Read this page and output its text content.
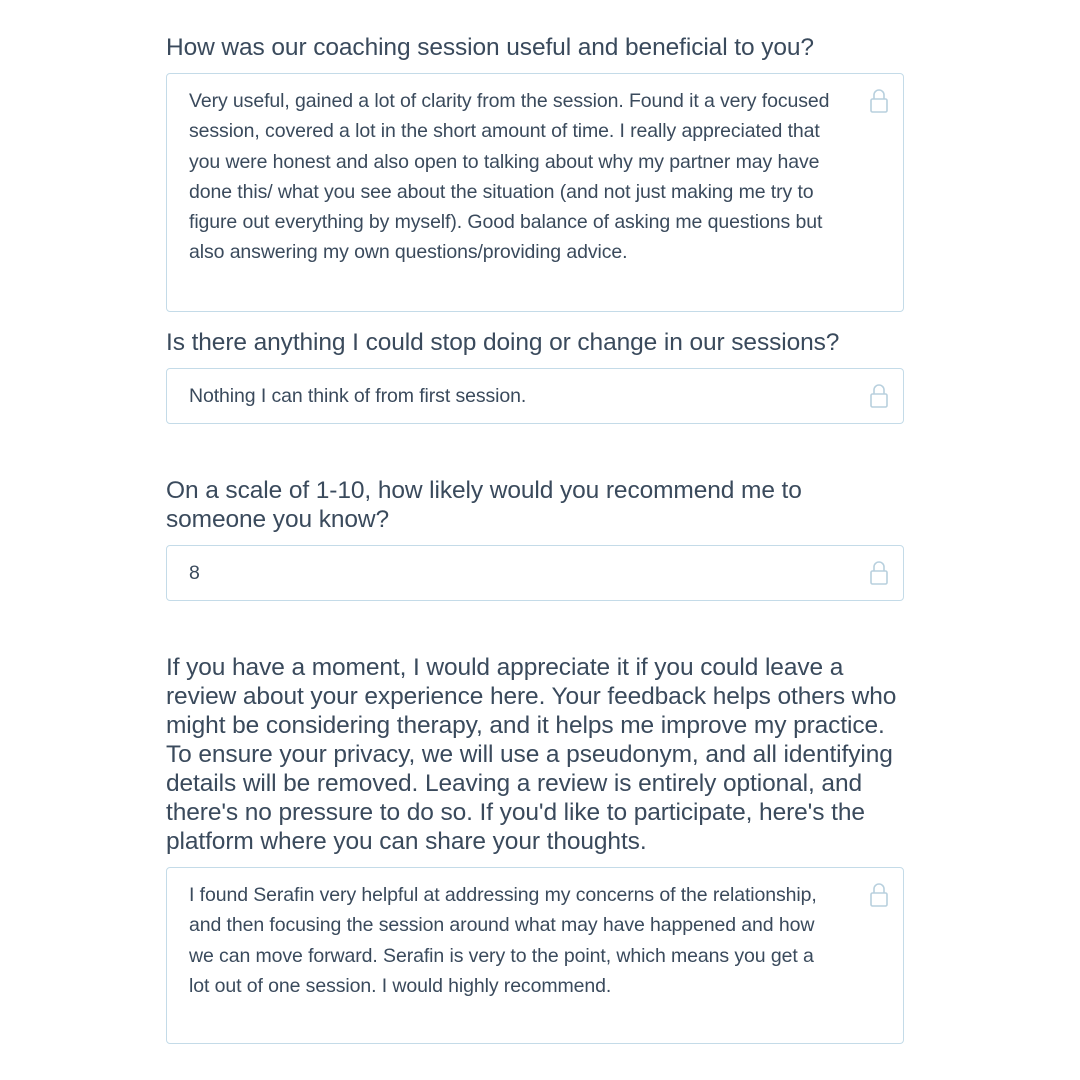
How was our coaching session useful and beneficial to you?
Very useful, gained a lot of clarity from the session. Found it a very focused session, covered a lot in the short amount of time. I really appreciated that you were honest and also open to talking about why my partner may have done this/ what you see about the situation (and not just making me try to figure out everything by myself). Good balance of asking me questions but also answering my own questions/providing advice.
Is there anything I could stop doing or change in our sessions?
Nothing I can think of from first session.
On a scale of 1-10, how likely would you recommend me to someone you know?
8
If you have a moment, I would appreciate it if you could leave a review about your experience here. Your feedback helps others who might be considering therapy, and it helps me improve my practice. To ensure your privacy, we will use a pseudonym, and all identifying details will be removed. Leaving a review is entirely optional, and there's no pressure to do so. If you'd like to participate, here's the platform where you can share your thoughts.
I found Serafin very helpful at addressing my concerns of the relationship, and then focusing the session around what may have happened and how we can move forward. Serafin is very to the point, which means you get a lot out of one session. I would highly recommend.
